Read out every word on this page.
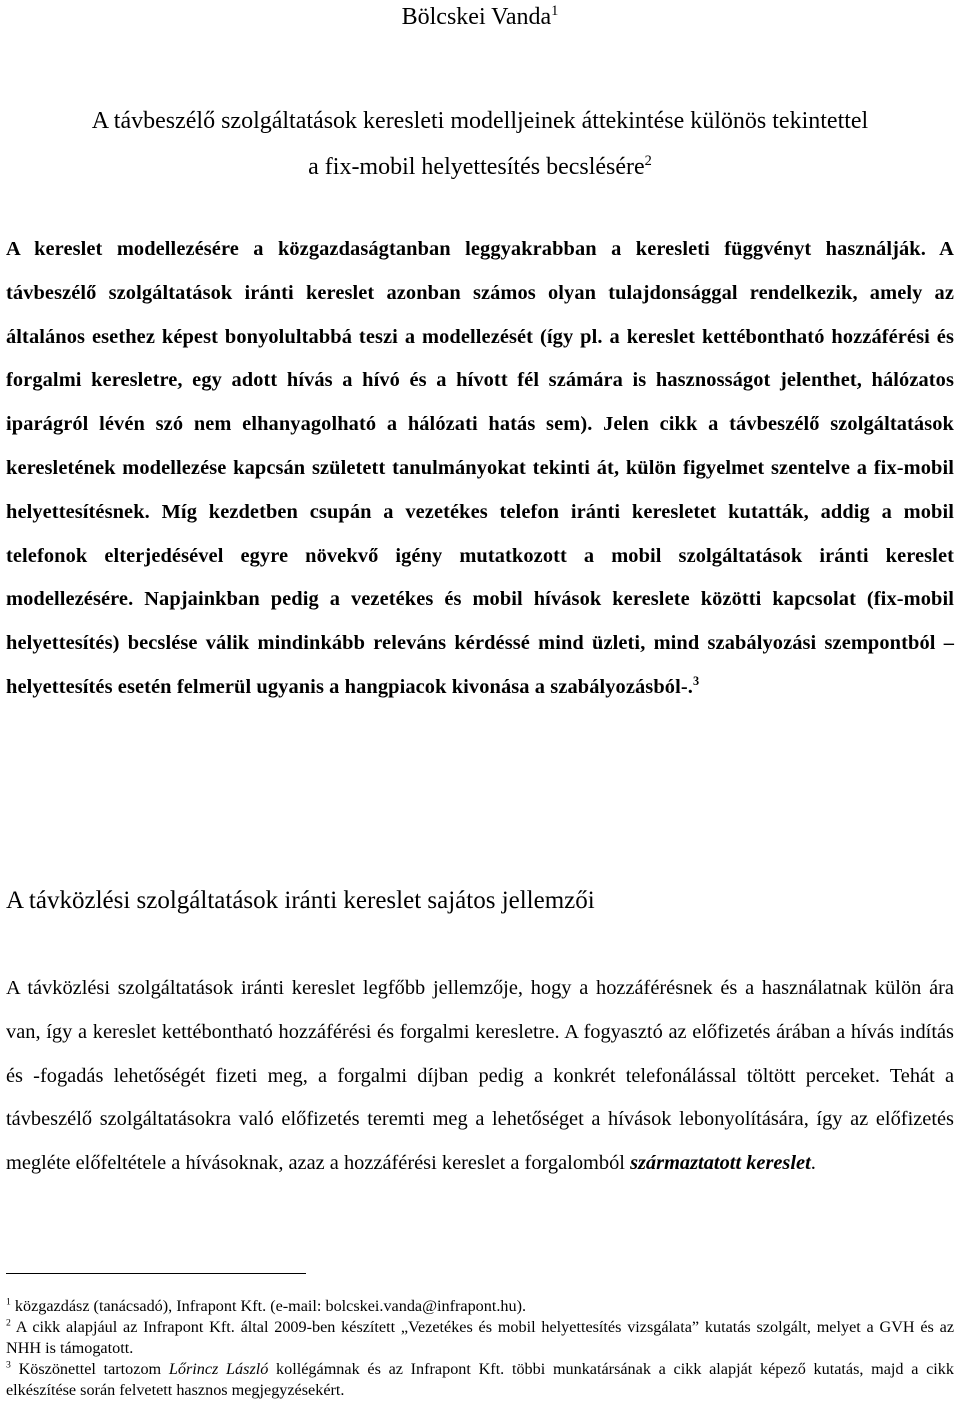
Bölcskei Vanda$^1$
A távbeszélő szolgáltatások keresleti modelljeinek áttekintése különös tekintettel
a fix-mobil helyettesítés becslésére$^2$

A kereslet modellezésére a közgazdaságtanban leggyakrabban a keresleti függvényt használják. A távbeszélő szolgáltatások iránti kereslet azonban számos olyan tulajdonsággal rendelkezik, amely az általános esethez képest bonyolultabbá teszi a modellezését (így pl. a kereslet kettébontható hozzáférési és forgalmi keresletre, egy adott hívás a hívó és a hívott fél számára is hasznosságot jelenthet, hálózatos iparágról lévén szó nem elhanyagolható a hálózati hatás sem). Jelen cikk a távbeszélő szolgáltatások keresletének modellezése kapcsán született tanulmányokat tekinti át, külön figyelmet szentelve a fix-mobil helyettesítésnek. Míg kezdetben csupán a vezetékes telefon iránti keresletet kutatták, addig a mobil telefonok elterjedésével egyre növekvő igény mutatkozott a mobil szolgáltatások iránti kereslet modellezésére. Napjainkban pedig a vezetékes és mobil hívások kereslete közötti kapcsolat (fix-mobil helyettesítés) becslése válik mindinkább releváns kérdéssé mind üzleti, mind szabályozási szempontból –helyettesítés esetén felmerül ugyanis a hangpiacok kivonása a szabályozásból-.$^3$

A távközlési szolgáltatások iránti kereslet sajátos jellemzői

A távközlési szolgáltatások iránti kereslet legfőbb jellemzője, hogy a hozzáférésnek és a használatnak külön ára van, így a kereslet kettébontható hozzáférési és forgalmi keresletre. A fogyasztó az előfizetés árában a hívás indítás és -fogadás lehetőségét fizeti meg, a forgalmi díjban pedig a konkrét telefonálással töltött perceket. Tehát a távbeszélő szolgáltatásokra való előfizetés teremti meg a lehetőséget a hívások lebonyolítására, így az előfizetés megléte előfeltétele a hívásoknak, azaz a hozzáférési kereslet a forgalomból származtatott kereslet.

$^1$ közgazdász (tanácsadó), Infrapont Kft. (e-mail: bolcskei.vanda@infrapont.hu).

$^2$ A cikk alapjául az Infrapont Kft. által 2009-ben készített „Vezetékes és mobil helyettesítés vizsgálata” kutatás szolgált, melyet a GVH és az NHH is támogatott.

$^3$ Köszönettel tartozom Lőrincz László kollégámnak és az Infrapont Kft. többi munkatársának a cikk alapját képező kutatás, majd a cikk elkészítése során felvetett hasznos megjegyzésekért.
